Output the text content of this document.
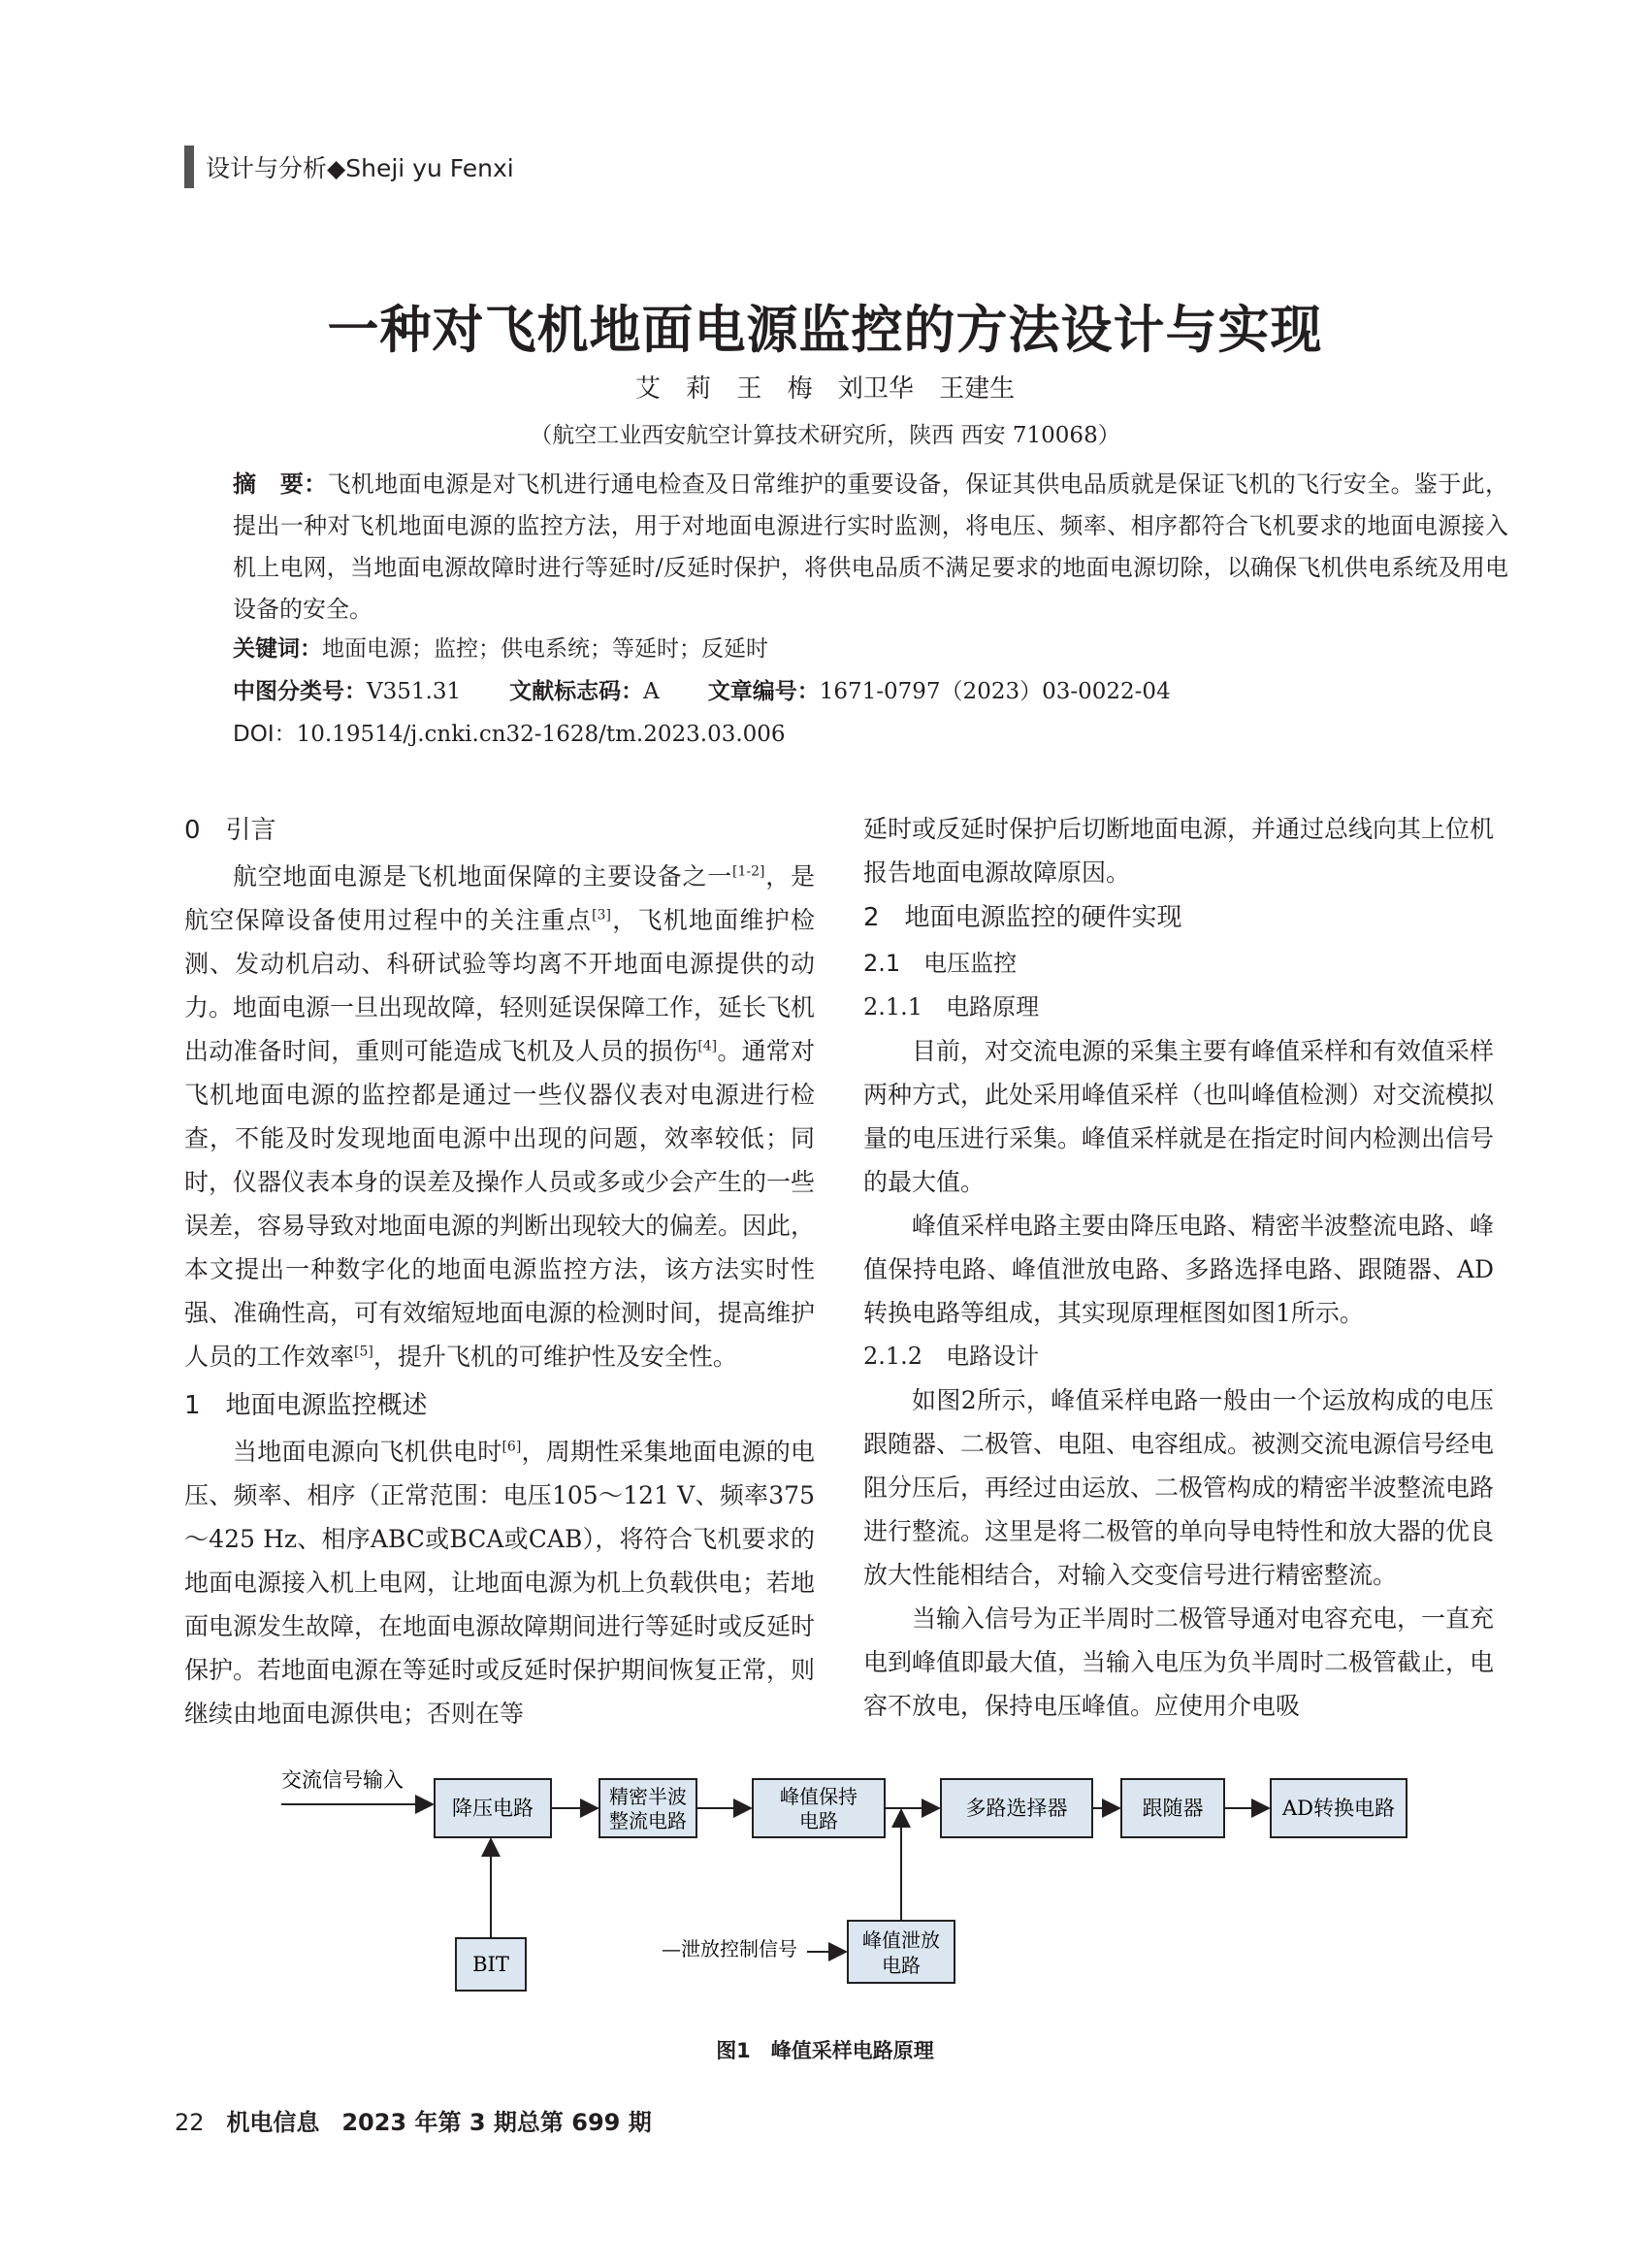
设计与分析◆Sheji yu Fenxi
一种对飞机地面电源监控的方法设计与实现
艾 莉 王 梅 刘卫华 王建生
（航空工业西安航空计算技术研究所，陕西 西安 710068）
摘　要：飞机地面电源是对飞机进行通电检查及日常维护的重要设备，保证其供电品质就是保证飞机的飞行安全。鉴于此，提出一种对飞机地面电源的监控方法，用于对地面电源进行实时监测，将电压、频率、相序都符合飞机要求的地面电源接入机上电网，当地面电源故障时进行等延时/反延时保护，将供电品质不满足要求的地面电源切除，以确保飞机供电系统及用电设备的安全。
关键词：地面电源；监控；供电系统；等延时；反延时
中图分类号：V351.31 文献标志码：A 文章编号：1671-0797（2023）03-0022-04
DOI：10.19514/j.cnki.cn32-1628/tm.2023.03.006
0　引言

航空地面电源是飞机地面保障的主要设备之一[1-2]，是航空保障设备使用过程中的关注重点[3]，飞机地面维护检测、发动机启动、科研试验等均离不开地面电源提供的动力。地面电源一旦出现故障，轻则延误保障工作，延长飞机出动准备时间，重则可能造成飞机及人员的损伤[4]。通常对飞机地面电源的监控都是通过一些仪器仪表对电源进行检查，不能及时发现地面电源中出现的问题，效率较低；同时，仪器仪表本身的误差及操作人员或多或少会产生的一些误差，容易导致对地面电源的判断出现较大的偏差。因此，本文提出一种数字化的地面电源监控方法，该方法实时性强、准确性高，可有效缩短地面电源的检测时间，提高维护人员的工作效率[5]，提升飞机的可维护性及安全性。

1　地面电源监控概述

当地面电源向飞机供电时[6]，周期性采集地面电源的电压、频率、相序（正常范围：电压105～121 V、频率375～425 Hz、相序ABC或BCA或CAB），将符合飞机要求的地面电源接入机上电网，让地面电源为机上负载供电；若地面电源发生故障，在地面电源故障期间进行等延时或反延时保护。若地面电源在等延时或反延时保护期间恢复正常，则继续由地面电源供电；否则在等

延时或反延时保护后切断地面电源，并通过总线向其上位机报告地面电源故障原因。

2　地面电源监控的硬件实现
2.1　电压监控
2.1.1　电路原理

目前，对交流电源的采集主要有峰值采样和有效值采样两种方式，此处采用峰值采样（也叫峰值检测）对交流模拟量的电压进行采集。峰值采样就是在指定时间内检测出信号的最大值。

峰值采样电路主要由降压电路、精密半波整流电路、峰值保持电路、峰值泄放电路、多路选择电路、跟随器、AD转换电路等组成，其实现原理框图如图1所示。

2.1.2　电路设计

如图2所示，峰值采样电路一般由一个运放构成的电压跟随器、二极管、电阻、电容组成。被测交流电源信号经电阻分压后，再经过由运放、二极管构成的精密半波整流电路进行整流。这里是将二极管的单向导电特性和放大器的优良放大性能相结合，对输入交变信号进行精密整流。

当输入信号为正半周时二极管导通对电容充电，一直充电到峰值即最大值，当输入电压为负半周时二极管截止，电容不放电，保持电压峰值。应使用介电吸

交流信号输入
降压电路	精密半波
整流电路
峰值保持
电路
多路选择器	跟随器	AD转换电路
BIT
—泄放控制信号	峰值泄放
电路
图1　峰值采样电路原理
22 机电信息 2023 年第 3 期总第 699 期
